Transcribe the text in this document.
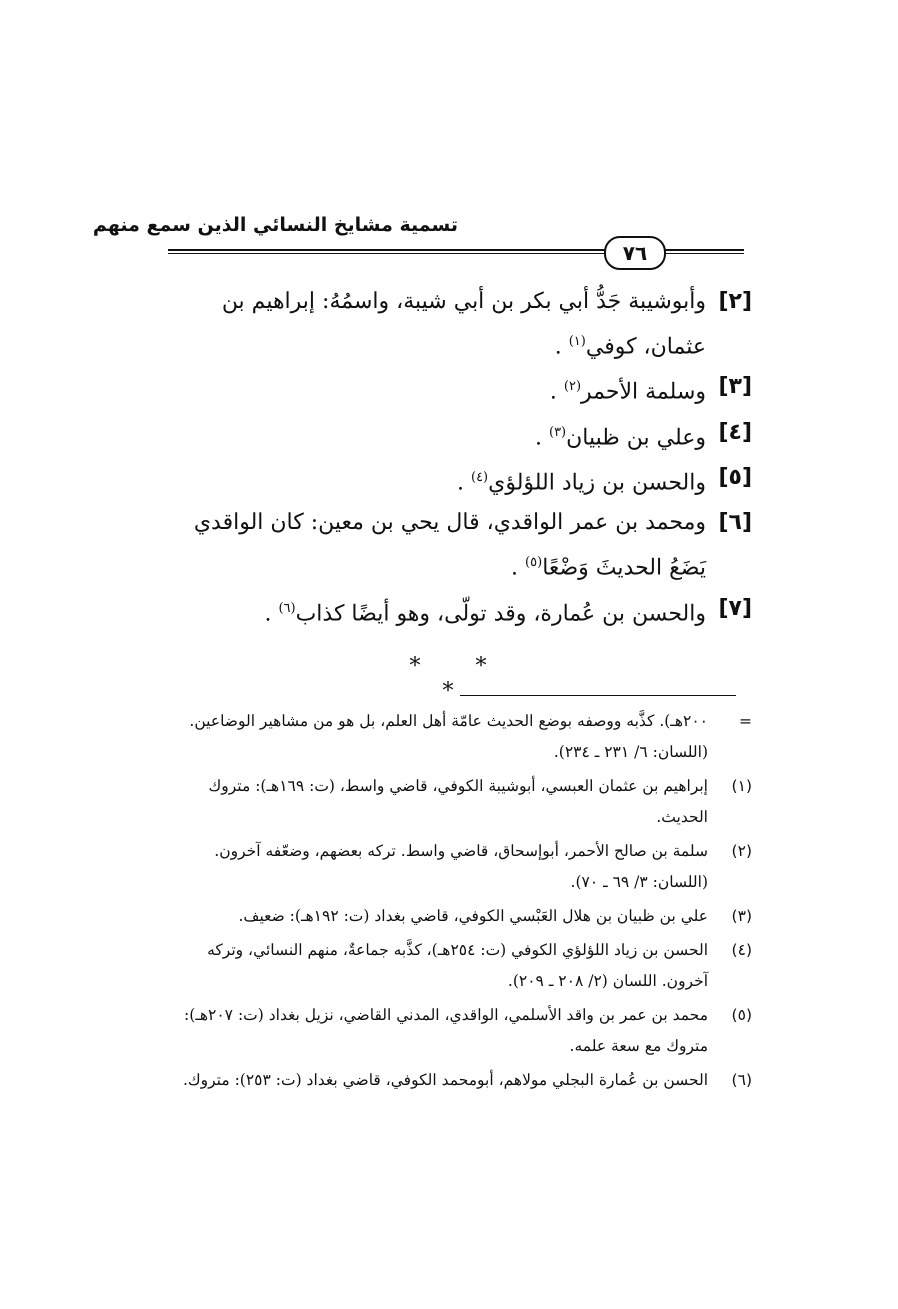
تسمية مشايخ النسائي الذين سمع منهم
٧٦
[٢]
وأبوشيبة جَدُّ أبي بكر بن أبي شيبة، واسمُهُ: إبراهيم بن عثمان، كوفي$^{(١)}$ .
[٣]
وسلمة الأحمر$^{(٢)}$ .
[٤]
وعلي بن ظبيان$^{(٣)}$ .
[٥]
والحسن بن زياد اللؤلؤي$^{(٤)}$ .
[٦]
ومحمد بن عمر الواقدي، قال يحي بن معين: كان الواقدي يَضَعُ الحديثَ وَضْعًا$^{(٥)}$ .
[٧]
والحسن بن عُمارة، وقد تولّى، وهو أيضًا كذاب$^{(٦)}$ .
* * *
=
٢٠٠هـ). كذَّبه ووصفه بوضع الحديث عامّة أهل العلم، بل هو من مشاهير الوضاعين. (اللسان: ٦/ ٢٣١ ـ ٢٣٤).
(١)
إبراهيم بن عثمان العبسي، أبوشيبة الكوفي، قاضي واسط، (ت: ١٦٩هـ): متروك الحديث.
(٢)
سلمة بن صالح الأحمر، أبوإسحاق، قاضي واسط. تركه بعضهم، وضعّفه آخرون. (اللسان: ٣/ ٦٩ ـ ٧٠).
(٣)
علي بن ظبيان بن هلال العَبْسي الكوفي، قاضي بغداد (ت: ١٩٢هـ): ضعيف.
(٤)
الحسن بن زياد اللؤلؤي الكوفي (ت: ٢٥٤هـ)، كذَّبه جماعةٌ، منهم النسائي، وتركه آخرون. اللسان (٢/ ٢٠٨ ـ ٢٠٩).
(٥)
محمد بن عمر بن واقد الأسلمي، الواقدي، المدني القاضي، نزيل بغداد (ت: ٢٠٧هـ): متروك مع سعة علمه.
(٦)
الحسن بن عُمارة البجلي مولاهم، أبومحمد الكوفي، قاضي بغداد (ت: ٢٥٣): متروك.
